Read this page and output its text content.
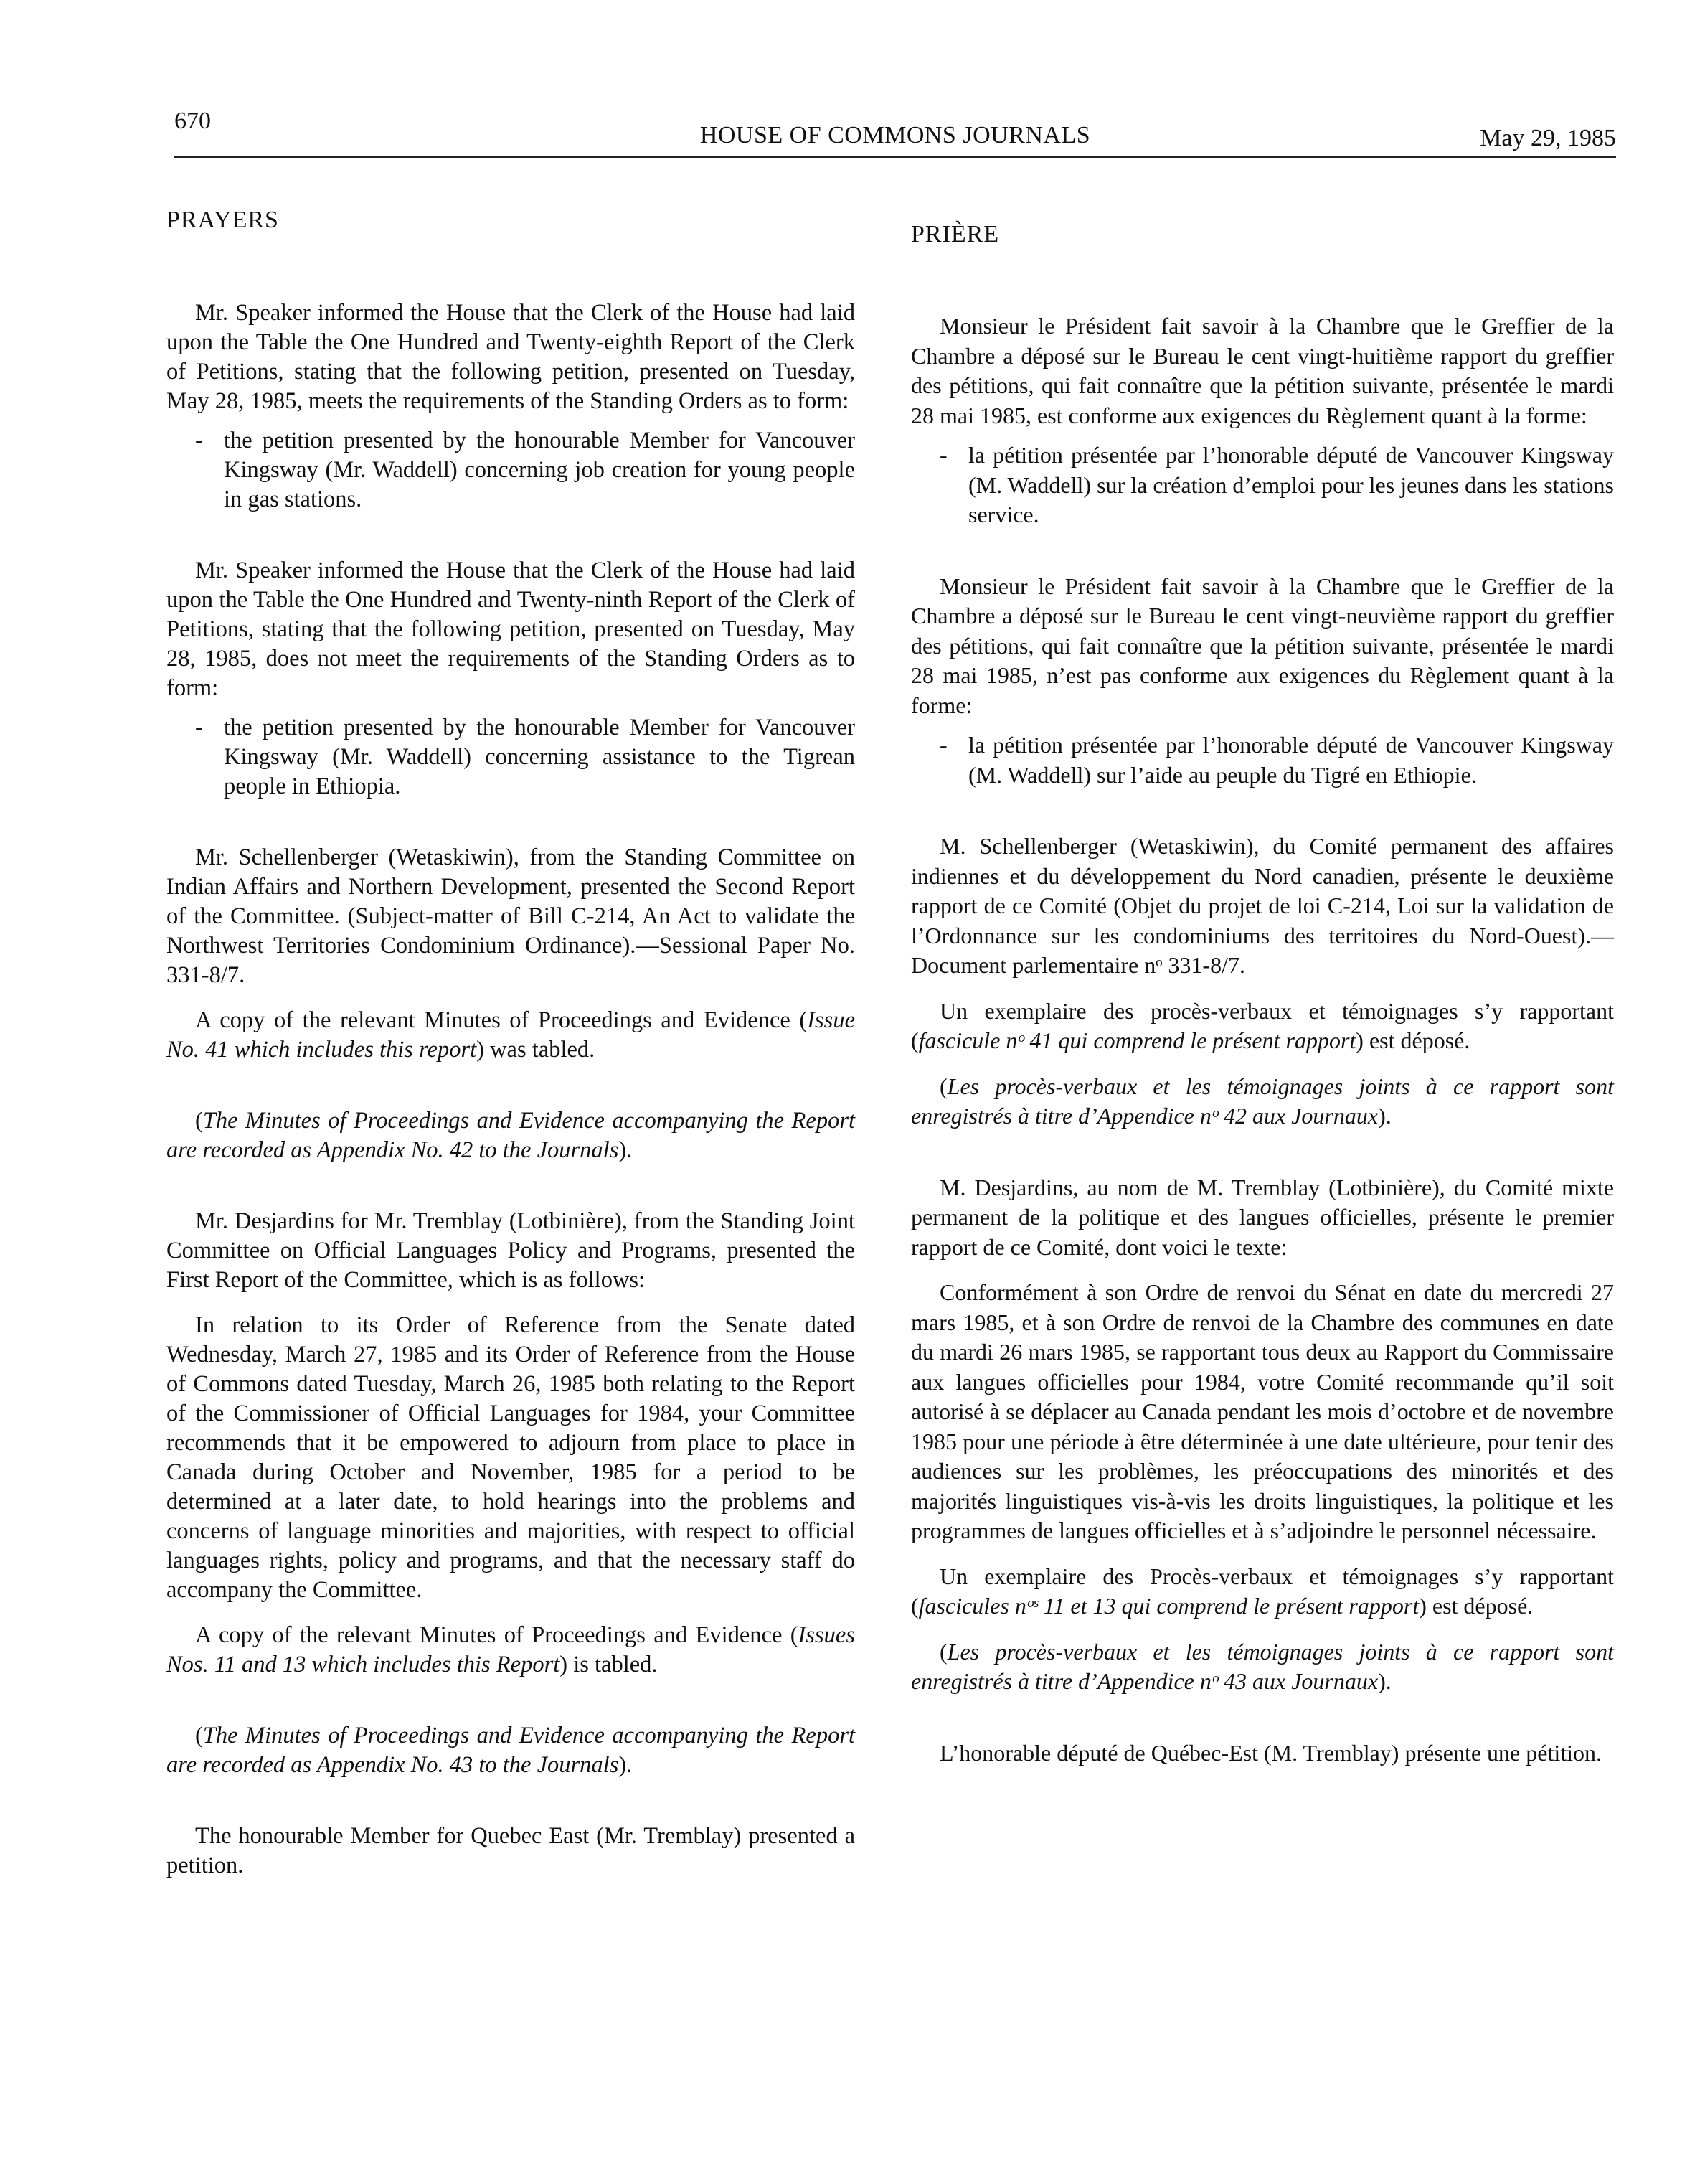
670
HOUSE OF COMMONS JOURNALS	May 29, 1985
PRAYERS

Mr. Speaker informed the House that the Clerk of the House had laid upon the Table the One Hundred and Twenty-eighth Report of the Clerk of Petitions, stating that the following petition, presented on Tuesday, May 28, 1985, meets the requirements of the Standing Orders as to form:

- the petition presented by the honourable Member for Vancouver Kingsway (Mr. Waddell) concerning job creation for young people in gas stations.

Mr. Speaker informed the House that the Clerk of the House had laid upon the Table the One Hundred and Twenty-ninth Report of the Clerk of Petitions, stating that the following petition, presented on Tuesday, May 28, 1985, does not meet the requirements of the Standing Orders as to form:

- the petition presented by the honourable Member for Vancouver Kingsway (Mr. Waddell) concerning assistance to the Tigrean people in Ethiopia.

Mr. Schellenberger (Wetaskiwin), from the Standing Committee on Indian Affairs and Northern Development, presented the Second Report of the Committee. (Subject-matter of Bill C-214, An Act to validate the Northwest Territories Condominium Ordinance).—Sessional Paper No. 331-8/7.

A copy of the relevant Minutes of Proceedings and Evidence (Issue No. 41 which includes this report) was tabled.

(The Minutes of Proceedings and Evidence accompanying the Report are recorded as Appendix No. 42 to the Journals).

Mr. Desjardins for Mr. Tremblay (Lotbinière), from the Standing Joint Committee on Official Languages Policy and Programs, presented the First Report of the Committee, which is as follows:

In relation to its Order of Reference from the Senate dated Wednesday, March 27, 1985 and its Order of Reference from the House of Commons dated Tuesday, March 26, 1985 both relating to the Report of the Commissioner of Official Languages for 1984, your Committee recommends that it be empowered to adjourn from place to place in Canada during October and November, 1985 for a period to be determined at a later date, to hold hearings into the problems and concerns of language minorities and majorities, with respect to official languages rights, policy and programs, and that the necessary staff do accompany the Committee.

A copy of the relevant Minutes of Proceedings and Evidence (Issues Nos. 11 and 13 which includes this Report) is tabled.

(The Minutes of Proceedings and Evidence accompanying the Report are recorded as Appendix No. 43 to the Journals).

The honourable Member for Quebec East (Mr. Tremblay) presented a petition.

PRIÈRE

Monsieur le Président fait savoir à la Chambre que le Greffier de la Chambre a déposé sur le Bureau le cent vingt-huitième rapport du greffier des pétitions, qui fait connaître que la pétition suivante, présentée le mardi 28 mai 1985, est conforme aux exigences du Règlement quant à la forme:

- la pétition présentée par l’honorable député de Vancouver Kingsway (M. Waddell) sur la création d’emploi pour les jeunes dans les stations service.

Monsieur le Président fait savoir à la Chambre que le Greffier de la Chambre a déposé sur le Bureau le cent vingt-neuvième rapport du greffier des pétitions, qui fait connaître que la pétition suivante, présentée le mardi 28 mai 1985, n’est pas conforme aux exigences du Règlement quant à la forme:

- la pétition présentée par l’honorable député de Vancouver Kingsway (M. Waddell) sur l’aide au peuple du Tigré en Ethiopie.

M. Schellenberger (Wetaskiwin), du Comité permanent des affaires indiennes et du développement du Nord canadien, présente le deuxième rapport de ce Comité (Objet du projet de loi C-214, Loi sur la validation de l’Ordonnance sur les condominiums des territoires du Nord-Ouest).—Document parlementaire nᵒ 331-8/7.

Un exemplaire des procès-verbaux et témoignages s’y rapportant (fascicule nᵒ 41 qui comprend le présent rapport) est déposé.

(Les procès-verbaux et les témoignages joints à ce rapport sont enregistrés à titre d’Appendice nᵒ 42 aux Journaux).

M. Desjardins, au nom de M. Tremblay (Lotbinière), du Comité mixte permanent de la politique et des langues officielles, présente le premier rapport de ce Comité, dont voici le texte:

Conformément à son Ordre de renvoi du Sénat en date du mercredi 27 mars 1985, et à son Ordre de renvoi de la Chambre des communes en date du mardi 26 mars 1985, se rapportant tous deux au Rapport du Commissaire aux langues officielles pour 1984, votre Comité recommande qu’il soit autorisé à se déplacer au Canada pendant les mois d’octobre et de novembre 1985 pour une période à être déterminée à une date ultérieure, pour tenir des audiences sur les problèmes, les préoccupations des minorités et des majorités linguistiques vis-à-vis les droits linguistiques, la politique et les programmes de langues officielles et à s’adjoindre le personnel nécessaire.

Un exemplaire des Procès-verbaux et témoignages s’y rapportant (fascicules nᵒˢ 11 et 13 qui comprend le présent rapport) est déposé.

(Les procès-verbaux et les témoignages joints à ce rapport sont enregistrés à titre d’Appendice nᵒ 43 aux Journaux).

L’honorable député de Québec-Est (M. Tremblay) présente une pétition.
